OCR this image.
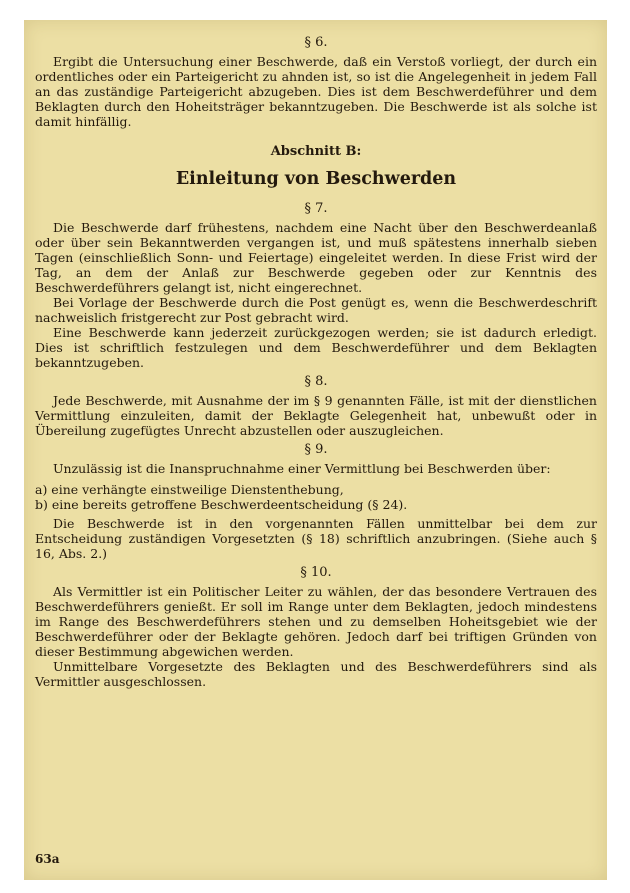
§ 6.

Ergibt die Untersuchung einer Beschwerde, daß ein Verstoß vorliegt, der durch ein ordentliches oder ein Parteigericht zu ahnden ist, so ist die Angelegenheit in jedem Fall an das zuständige Parteigericht abzugeben. Dies ist dem Beschwerdeführer und dem Beklagten durch den Hoheitsträger bekanntzugeben. Die Beschwerde ist als solche ist damit hinfällig.

Abschnitt B:
Einleitung von Beschwerden
§ 7.

Die Beschwerde darf frühestens, nachdem eine Nacht über den Beschwerdeanlaß oder über sein Bekanntwerden vergangen ist, und muß spätestens innerhalb sieben Tagen (einschließlich Sonn- und Feiertage) eingeleitet werden. In diese Frist wird der Tag, an dem der Anlaß zur Beschwerde gegeben oder zur Kenntnis des Beschwerdeführers gelangt ist, nicht eingerechnet.

Bei Vorlage der Beschwerde durch die Post genügt es, wenn die Beschwerdeschrift nachweislich fristgerecht zur Post gebracht wird.

Eine Beschwerde kann jederzeit zurückgezogen werden; sie ist dadurch erledigt. Dies ist schriftlich festzulegen und dem Beschwerdeführer und dem Beklagten bekanntzugeben.

§ 8.

Jede Beschwerde, mit Ausnahme der im § 9 genannten Fälle, ist mit der dienstlichen Vermittlung einzuleiten, damit der Beklagte Gelegenheit hat, unbewußt oder in Übereilung zugefügtes Unrecht abzustellen oder auszugleichen.

§ 9.

Unzulässig ist die Inanspruchnahme einer Vermittlung bei Beschwerden über:

a) eine verhängte einstweilige Dienstenthebung,
b) eine bereits getroffene Beschwerdeentscheidung (§ 24).

Die Beschwerde ist in den vorgenannten Fällen unmittelbar bei dem zur Entscheidung zuständigen Vorgesetzten (§ 18) schriftlich anzubringen. (Siehe auch § 16, Abs. 2.)

§ 10.

Als Vermittler ist ein Politischer Leiter zu wählen, der das besondere Vertrauen des Beschwerdeführers genießt. Er soll im Range unter dem Beklagten, jedoch mindestens im Range des Beschwerdeführers stehen und zu demselben Hoheitsgebiet wie der Beschwerdeführer oder der Beklagte gehören. Jedoch darf bei triftigen Gründen von dieser Bestimmung abgewichen werden.

Unmittelbare Vorgesetzte des Beklagten und des Beschwerdeführers sind als Vermittler ausgeschlossen.

63a
